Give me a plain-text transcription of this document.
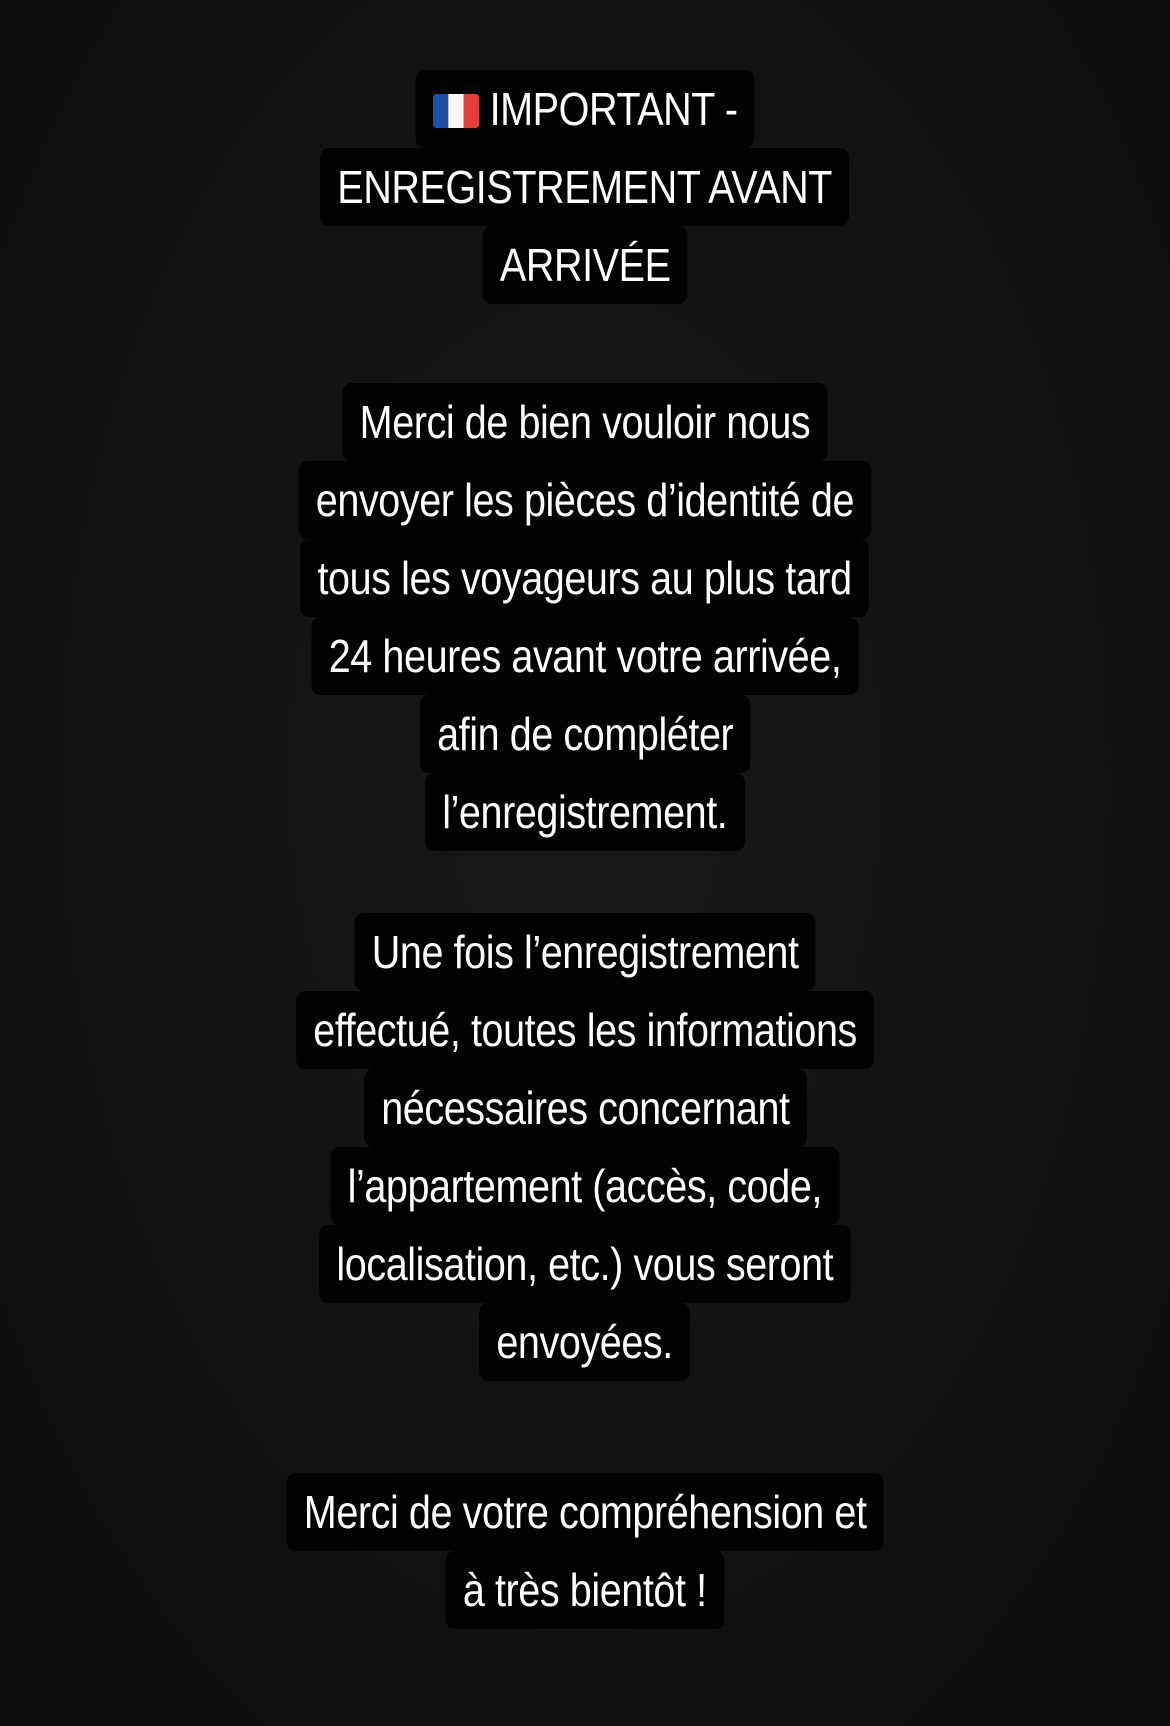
IMPORTANT -
ENREGISTREMENT AVANT
ARRIVÉE
Merci de bien vouloir nous
envoyer les pièces d’identité de
tous les voyageurs au plus tard
24 heures avant votre arrivée,
afin de compléter
l’enregistrement.
Une fois l’enregistrement
effectué, toutes les informations
nécessaires concernant
l’appartement (accès, code,
localisation, etc.) vous seront
envoyées.
Merci de votre compréhension et
à très bientôt !
